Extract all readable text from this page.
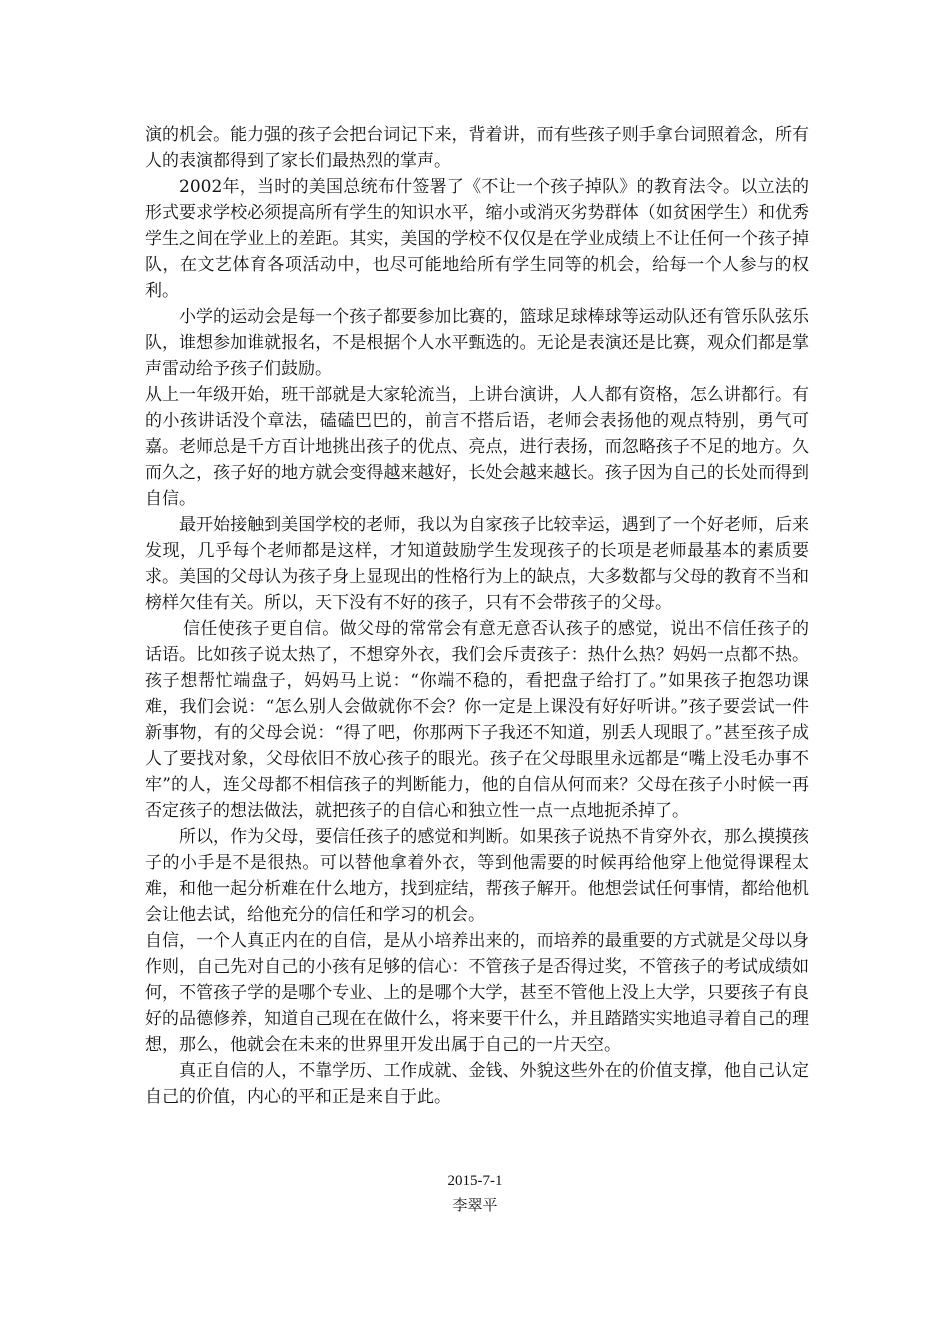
演的机会。能力强的孩子会把台词记下来，背着讲，而有些孩子则手拿台词照着念，所有人的表演都得到了家长们最热烈的掌声。

2002年，当时的美国总统布什签署了《不让一个孩子掉队》的教育法令。以立法的形式要求学校必须提高所有学生的知识水平，缩小或消灭劣势群体（如贫困学生）和优秀学生之间在学业上的差距。其实，美国的学校不仅仅是在学业成绩上不让任何一个孩子掉队，在文艺体育各项活动中，也尽可能地给所有学生同等的机会，给每一个人参与的权利。

小学的运动会是每一个孩子都要参加比赛的，篮球足球棒球等运动队还有管乐队弦乐队，谁想参加谁就报名，不是根据个人水平甄选的。无论是表演还是比赛，观众们都是掌声雷动给予孩子们鼓励。

从上一年级开始，班干部就是大家轮流当，上讲台演讲，人人都有资格，怎么讲都行。有的小孩讲话没个章法，磕磕巴巴的，前言不搭后语，老师会表扬他的观点特别，勇气可嘉。老师总是千方百计地挑出孩子的优点、亮点，进行表扬，而忽略孩子不足的地方。久而久之，孩子好的地方就会变得越来越好，长处会越来越长。孩子因为自己的长处而得到自信。

最开始接触到美国学校的老师，我以为自家孩子比较幸运，遇到了一个好老师，后来发现，几乎每个老师都是这样，才知道鼓励学生发现孩子的长项是老师最基本的素质要求。美国的父母认为孩子身上显现出的性格行为上的缺点，大多数都与父母的教育不当和榜样欠佳有关。所以，天下没有不好的孩子，只有不会带孩子的父母。

信任使孩子更自信。做父母的常常会有意无意否认孩子的感觉，说出不信任孩子的话语。比如孩子说太热了，不想穿外衣，我们会斥责孩子：热什么热？妈妈一点都不热。孩子想帮忙端盘子，妈妈马上说：“你端不稳的，看把盘子给打了。”如果孩子抱怨功课难，我们会说：“怎么别人会做就你不会？你一定是上课没有好好听讲。”孩子要尝试一件新事物，有的父母会说：“得了吧，你那两下子我还不知道，别丢人现眼了。”甚至孩子成人了要找对象，父母依旧不放心孩子的眼光。孩子在父母眼里永远都是“嘴上没毛办事不牢”的人，连父母都不相信孩子的判断能力，他的自信从何而来？父母在孩子小时候一再否定孩子的想法做法，就把孩子的自信心和独立性一点一点地扼杀掉了。

所以，作为父母，要信任孩子的感觉和判断。如果孩子说热不肯穿外衣，那么摸摸孩子的小手是不是很热。可以替他拿着外衣，等到他需要的时候再给他穿上他觉得课程太难，和他一起分析难在什么地方，找到症结，帮孩子解开。他想尝试任何事情，都给他机会让他去试，给他充分的信任和学习的机会。

自信，一个人真正内在的自信，是从小培养出来的，而培养的最重要的方式就是父母以身作则，自己先对自己的小孩有足够的信心：不管孩子是否得过奖，不管孩子的考试成绩如何，不管孩子学的是哪个专业、上的是哪个大学，甚至不管他上没上大学，只要孩子有良好的品德修养，知道自己现在在做什么，将来要干什么，并且踏踏实实地追寻着自己的理想，那么，他就会在未来的世界里开发出属于自己的一片天空。

真正自信的人，不靠学历、工作成就、金钱、外貌这些外在的价值支撑，他自己认定自己的价值，内心的平和正是来自于此。

2015-7-1
李翠平
